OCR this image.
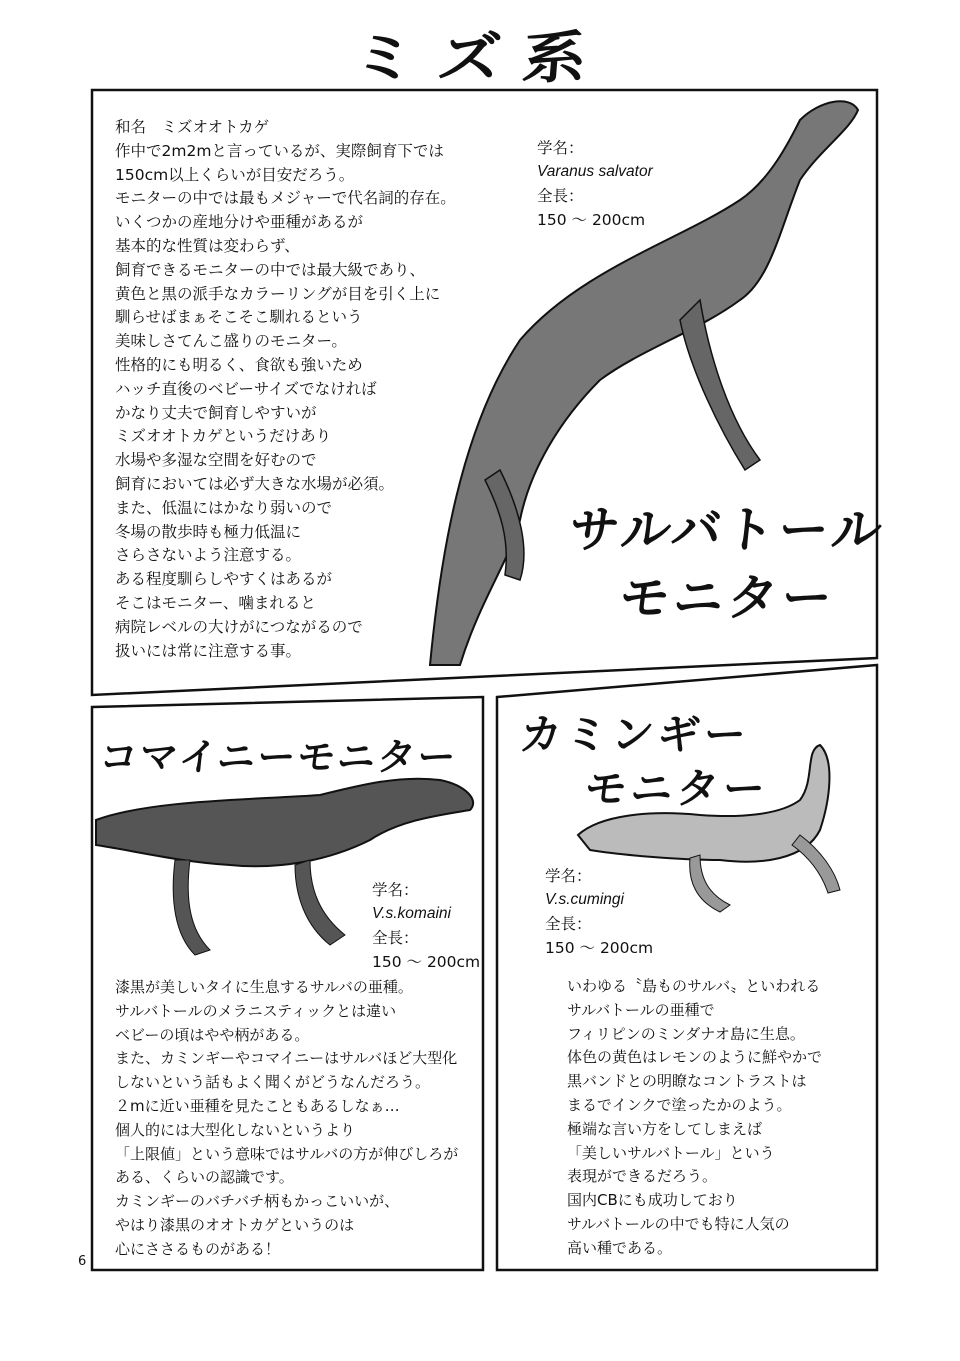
ミズ系
和名　ミズオオトカゲ
作中で2m2mと言っているが、実際飼育下では
150cm以上くらいが目安だろう。
モニターの中では最もメジャーで代名詞的存在。
いくつかの産地分けや亜種があるが
基本的な性質は変わらず、
飼育できるモニターの中では最大級であり、
黄色と黒の派手なカラーリングが目を引く上に
馴らせばまぁそこそこ馴れるという
美味しさてんこ盛りのモニター。
性格的にも明るく、食欲も強いため
ハッチ直後のベビーサイズでなければ
かなり丈夫で飼育しやすいが
ミズオオトカゲというだけあり
水場や多湿な空間を好むので
飼育においては必ず大きな水場が必須。
また、低温にはかなり弱いので
冬場の散歩時も極力低温に
さらさないよう注意する。
ある程度馴らしやすくはあるが
そこはモニター、噛まれると
病院レベルの大けがにつながるので
扱いには常に注意する事。
学名：
Varanus salvator
全長：
150 ～ 200cm
サルバトール
モニター
コマイニーモニター
学名：
V.s.komaini
全長：
150 ～ 200cm
漆黒が美しいタイに生息するサルバの亜種。
サルバトールのメラニスティックとは違い
ベビーの頃はやや柄がある。
また、カミンギーやコマイニーはサルバほど大型化
しないという話もよく聞くがどうなんだろう。
２mに近い亜種を見たこともあるしなぁ…
個人的には大型化しないというより
「上限値」という意味ではサルバの方が伸びしろが
ある、くらいの認識です。
カミンギーのバチバチ柄もかっこいいが、
やはり漆黒のオオトカゲというのは
心にささるものがある！
カミンギー
モニター
学名：
V.s.cumingi
全長：
150 ～ 200cm
いわゆる〝島ものサルバ〟といわれる
サルバトールの亜種で
フィリピンのミンダナオ島に生息。
体色の黄色はレモンのように鮮やかで
黒バンドとの明瞭なコントラストは
まるでインクで塗ったかのよう。
極端な言い方をしてしまえば
「美しいサルバトール」という
表現ができるだろう。
国内CBにも成功しており
サルバトールの中でも特に人気の
高い種である。
6
